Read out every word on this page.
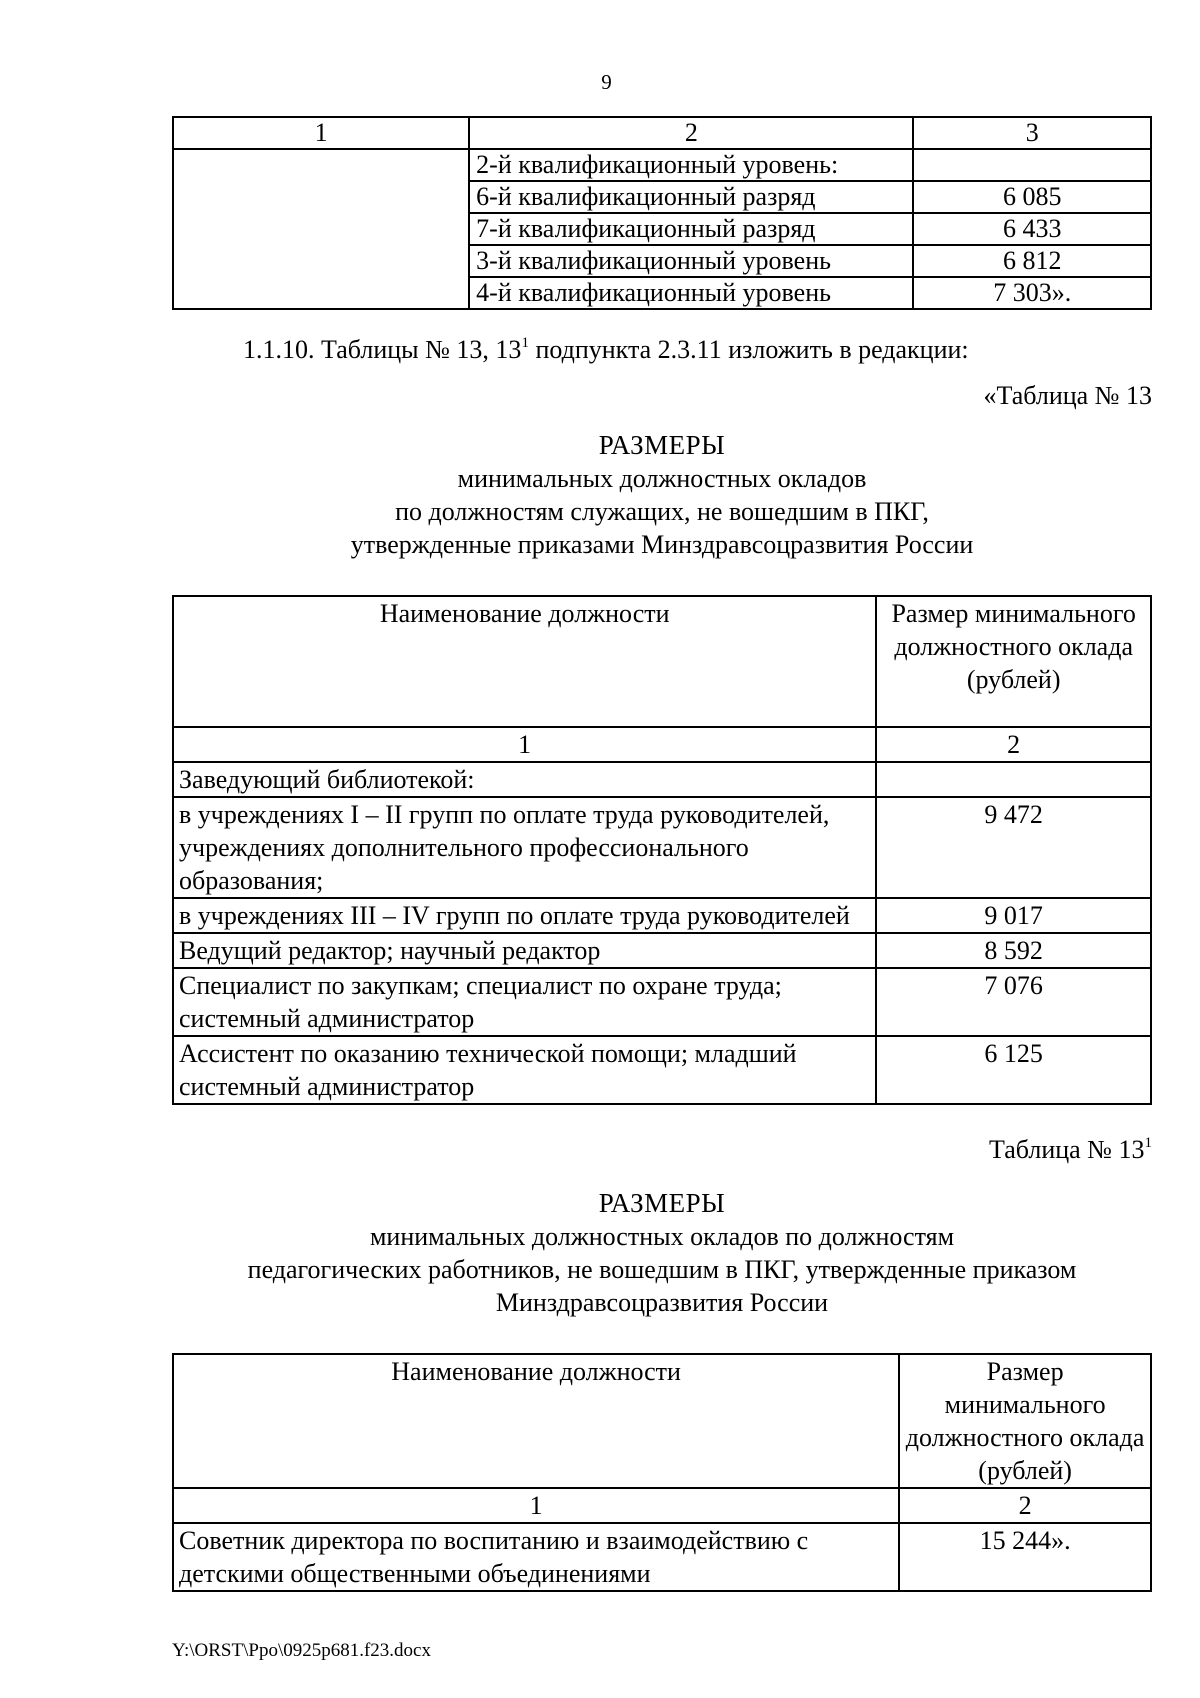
9
1	2	3
	2-й квалификационный уровень:	
	6-й квалификационный разряд	6 085
	7-й квалификационный разряд	6 433
	3-й квалификационный уровень	6 812
	4-й квалификационный уровень	7 303».
1.1.10. Таблицы № 13, $13^1$ подпункта 2.3.11 изложить в редакции:
«Таблица № 13
РАЗМЕРЫ
минимальных должностных окладов
по должностям служащих, не вошедшим в ПКГ,
утвержденные приказами Минздравсоцразвития России
Наименование должности	Размер минимального должностного оклада (рублей)
1	2
Заведующий библиотекой:	
в учреждениях I – II групп по оплате труда руководителей, учреждениях дополнительного профессионального образования;	9 472
в учреждениях III – IV групп по оплате труда руководителей	9 017
Ведущий редактор; научный редактор	8 592
Специалист по закупкам; специалист по охране труда; системный администратор	7 076
Ассистент по оказанию технической помощи; младший системный администратор	6 125
Таблица № $13^1$
РАЗМЕРЫ
минимальных должностных окладов по должностям
педагогических работников, не вошедшим в ПКГ, утвержденные приказом
Минздравсоцразвития России
Наименование должности	Размер минимального должностного оклада (рублей)
1	2
Советник директора по воспитанию и взаимодействию с детскими общественными объединениями	15 244».
Y:\ORST\Ppo\0925p681.f23.docx
